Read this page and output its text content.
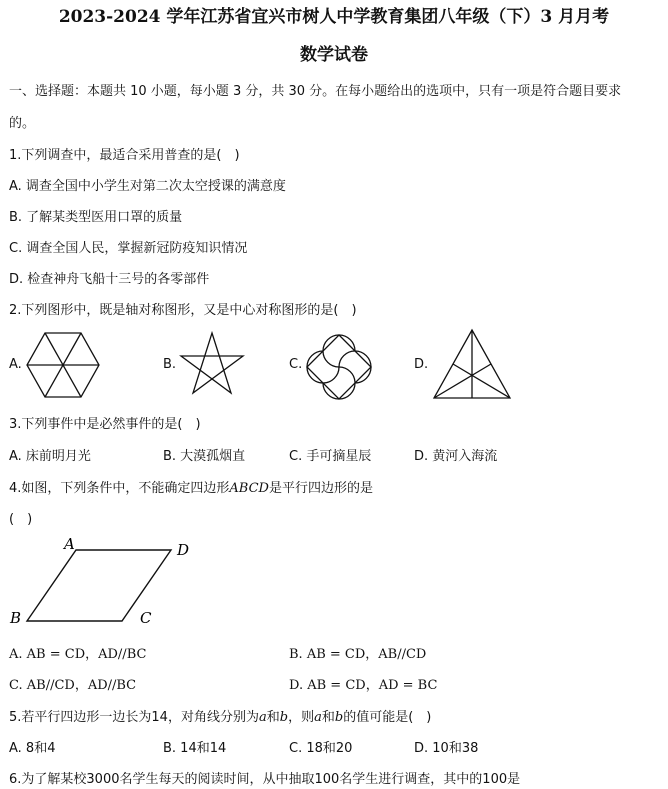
2023-2024 学年江苏省宜兴市树人中学教育集团八年级（下）3 月月考
数学试卷
一、选择题：本题共 10 小题，每小题 3 分，共 30 分。在每小题给出的选项中，只有一项是符合题目要求
的。
1.下列调查中，最适合采用普查的是(　)
A. 调查全国中小学生对第二次太空授课的满意度
B. 了解某类型医用口罩的质量
C. 调查全国人民，掌握新冠防疫知识情况
D. 检查神舟飞船十三号的各零部件
2.下列图形中，既是轴对称图形，又是中心对称图形的是(　)
A.	B.	C.	D.
3.下列事件中是必然事件的是(　)
A. 床前明月光	B. 大漠孤烟直	C. 手可摘星辰	D. 黄河入海流
4.如图，下列条件中，不能确定四边形ABCD是平行四边形的是
(　)
A	D
B	C
A. AB = CD，AD//BC	B. AB = CD，AB//CD
C. AB//CD，AD//BC	D. AB = CD，AD = BC
5.若平行四边形一边长为14，对角线分别为a和b，则a和b的值可能是(　)
A. 8和4	B. 14和14	C. 18和20	D. 10和38
6.为了解某校3000名学生每天的阅读时间，从中抽取100名学生进行调查，其中的100是
